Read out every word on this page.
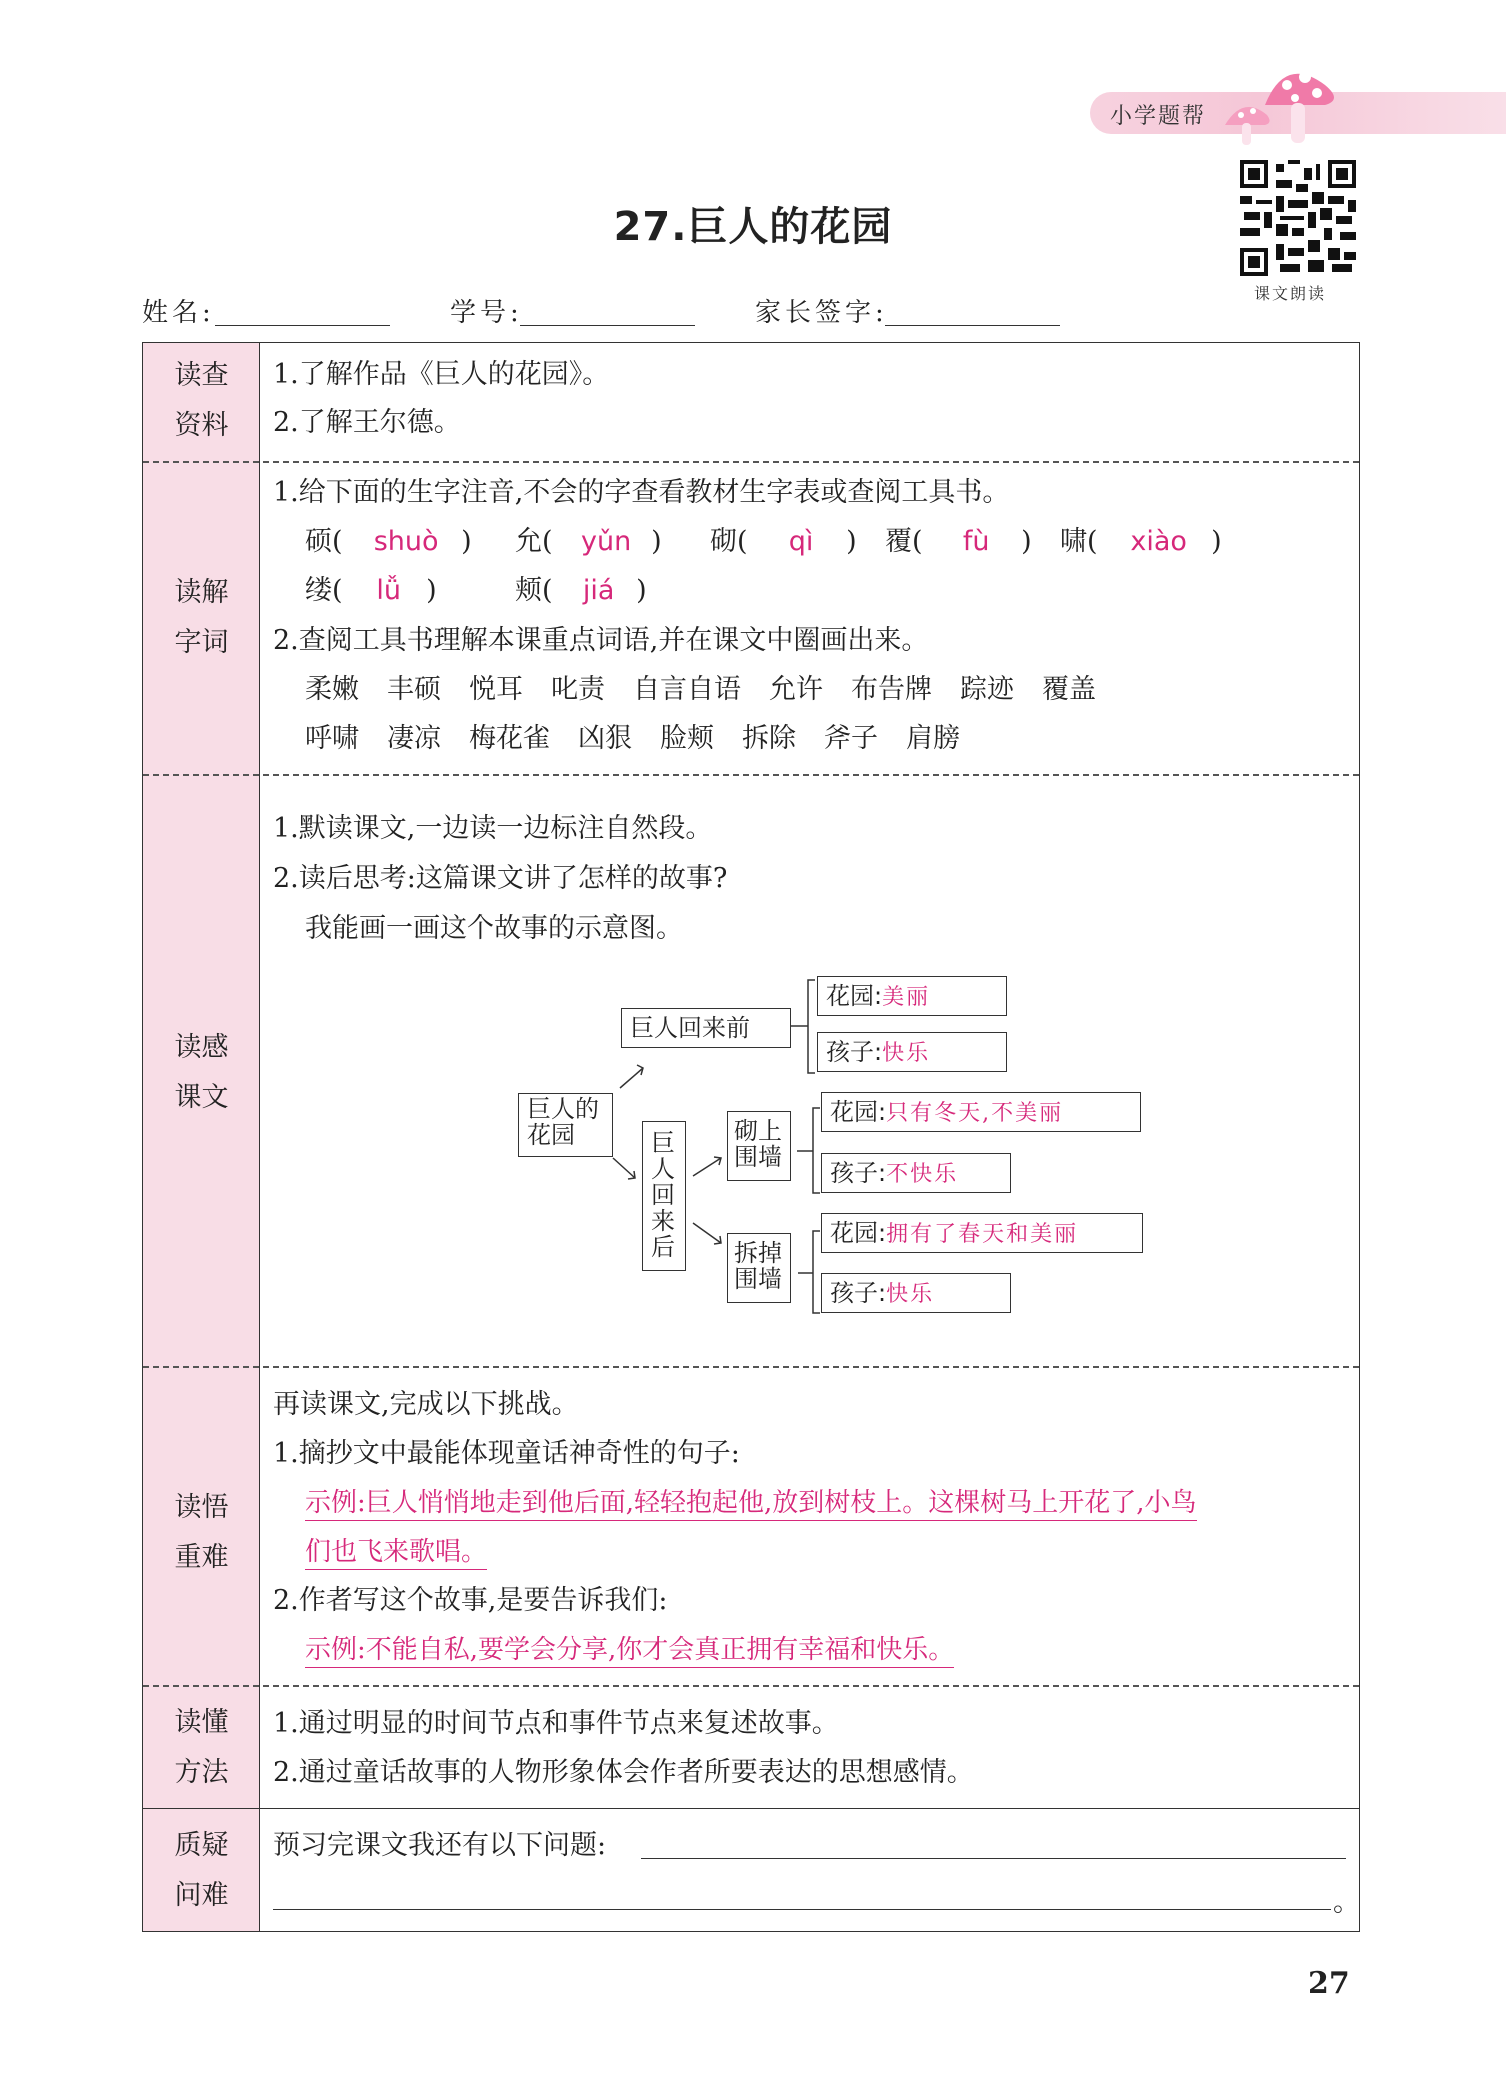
小学题帮
课文朗读
27.巨人的花园
姓名:	学号:	家长签字:
读查
资料
1.了解作品《巨人的花园》。
2.了解王尔德。
读解
字词
1.给下面的生字注音,不会的字查看教材生字表或查阅工具书。
硕( shuò ) 允( yǔn ) 砌( qì ) 覆( fù ) 啸( xiào )
缕( lǚ )	颊( jiá )
2.查阅工具书理解本课重点词语,并在课文中圈画出来。
柔嫩 丰硕 悦耳 叱责 自言自语 允许 布告牌 踪迹 覆盖
呼啸 凄凉 梅花雀 凶狠 脸颊 拆除 斧子 肩膀
读感
课文
1.默读课文,一边读一边标注自然段。
2.读后思考:这篇课文讲了怎样的故事?
我能画一画这个故事的示意图。
巨人的花园
巨人回来前
巨人回来后
砌上围墙
拆掉围墙
花园:美丽
孩子:快乐
花园:只有冬天,不美丽
孩子:不快乐
花园:拥有了春天和美丽
孩子:快乐
读悟
重难
再读课文,完成以下挑战。
1.摘抄文中最能体现童话神奇性的句子:
示例:巨人悄悄地走到他后面,轻轻抱起他,放到树枝上。这棵树马上开花了,小鸟
们也飞来歌唱。
2.作者写这个故事,是要告诉我们:
示例:不能自私,要学会分享,你才会真正拥有幸福和快乐。
读懂
方法
1.通过明显的时间节点和事件节点来复述故事。
2.通过童话故事的人物形象体会作者所要表达的思想感情。
质疑
问难
预习完课文我还有以下问题:
。
27
